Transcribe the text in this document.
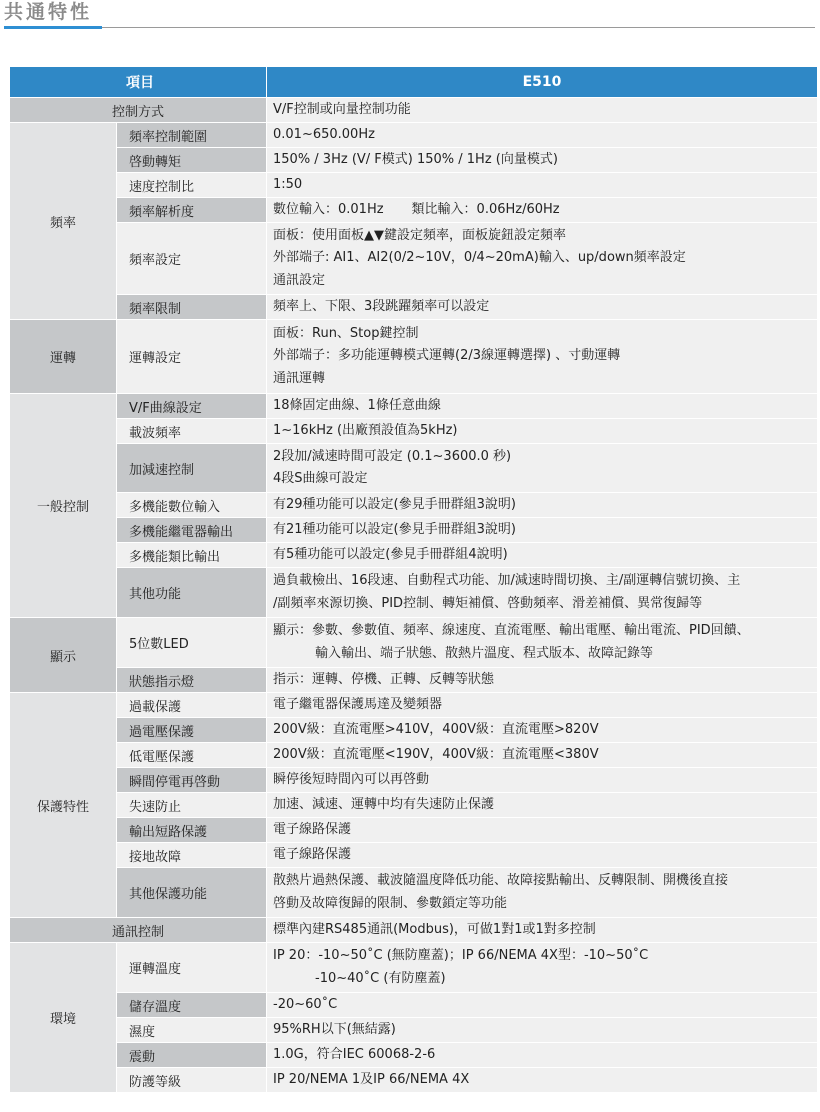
共通特性
項目		E510
控制方式		V/F控制或向量控制功能

頻率	頻率控制範圍	0.01~650.00Hz

	啓動轉矩	150% / 3Hz (V/ F模式) 150% / 1Hz (向量模式)

	速度控制比	1:50

	頻率解析度	數位輸入：0.01Hz 類比輸入：0.06Hz/60Hz

	頻率設定	面板：使用面板▲▼鍵設定頻率，面板旋鈕設定頻率
外部端子: AI1、AI2(0/2~10V，0/4~20mA)輸入、up/down頻率設定
通訊設定

	頻率限制	頻率上、下限、3段跳躍頻率可以設定

運轉	運轉設定	面板：Run、Stop鍵控制
外部端子：多功能運轉模式運轉(2/3線運轉選擇) 、寸動運轉
通訊運轉

一般控制	V/F曲線設定	18條固定曲線、1條任意曲線

	載波頻率	1~16kHz (出廠預設值為5kHz)

	加減速控制	2段加/減速時間可設定 (0.1~3600.0 秒)
4段S曲線可設定

	多機能數位輸入	有29種功能可以設定(參見手冊群組3說明)

	多機能繼電器輸出	有21種功能可以設定(參見手冊群組3說明)

	多機能類比輸出	有5種功能可以設定(參見手冊群組4說明)

	其他功能	過負載檢出、16段速、自動程式功能、加/減速時間切換、主/副運轉信號切換、主
/副頻率來源切換、PID控制、轉矩補償、啓動頻率、滑差補償、異常復歸等

顯示	5位數LED	顯示：參數、參數值、頻率、線速度、直流電壓、輸出電壓、輸出電流、PID回饋、
輸入輸出、端子狀態、散熱片溫度、程式版本、故障記錄等

	狀態指示燈	指示：運轉、停機、正轉、反轉等狀態

保護特性	過載保護	電子繼電器保護馬達及變頻器

	過電壓保護	200V級：直流電壓>410V，400V級：直流電壓>820V

	低電壓保護	200V級：直流電壓<190V，400V級：直流電壓<380V

	瞬間停電再啓動	瞬停後短時間內可以再啓動

	失速防止	加速、減速、運轉中均有失速防止保護

	輸出短路保護	電子線路保護

	接地故障	電子線路保護

	其他保護功能	散熱片過熱保護、載波隨溫度降低功能、故障接點輸出、反轉限制、開機後直接
啓動及故障復歸的限制、參數鎖定等功能

通訊控制		標準內建RS485通訊(Modbus)，可做1對1或1對多控制

環境	運轉溫度	IP 20：-10~50˚C (無防塵蓋)；IP 66/NEMA 4X型：-10~50˚C
-10~40˚C (有防塵蓋)

	儲存溫度	-20~60˚C

	濕度	95%RH以下(無結露)

	震動	1.0G，符合IEC 60068-2-6

	防護等級	IP 20/NEMA 1及IP 66/NEMA 4X
